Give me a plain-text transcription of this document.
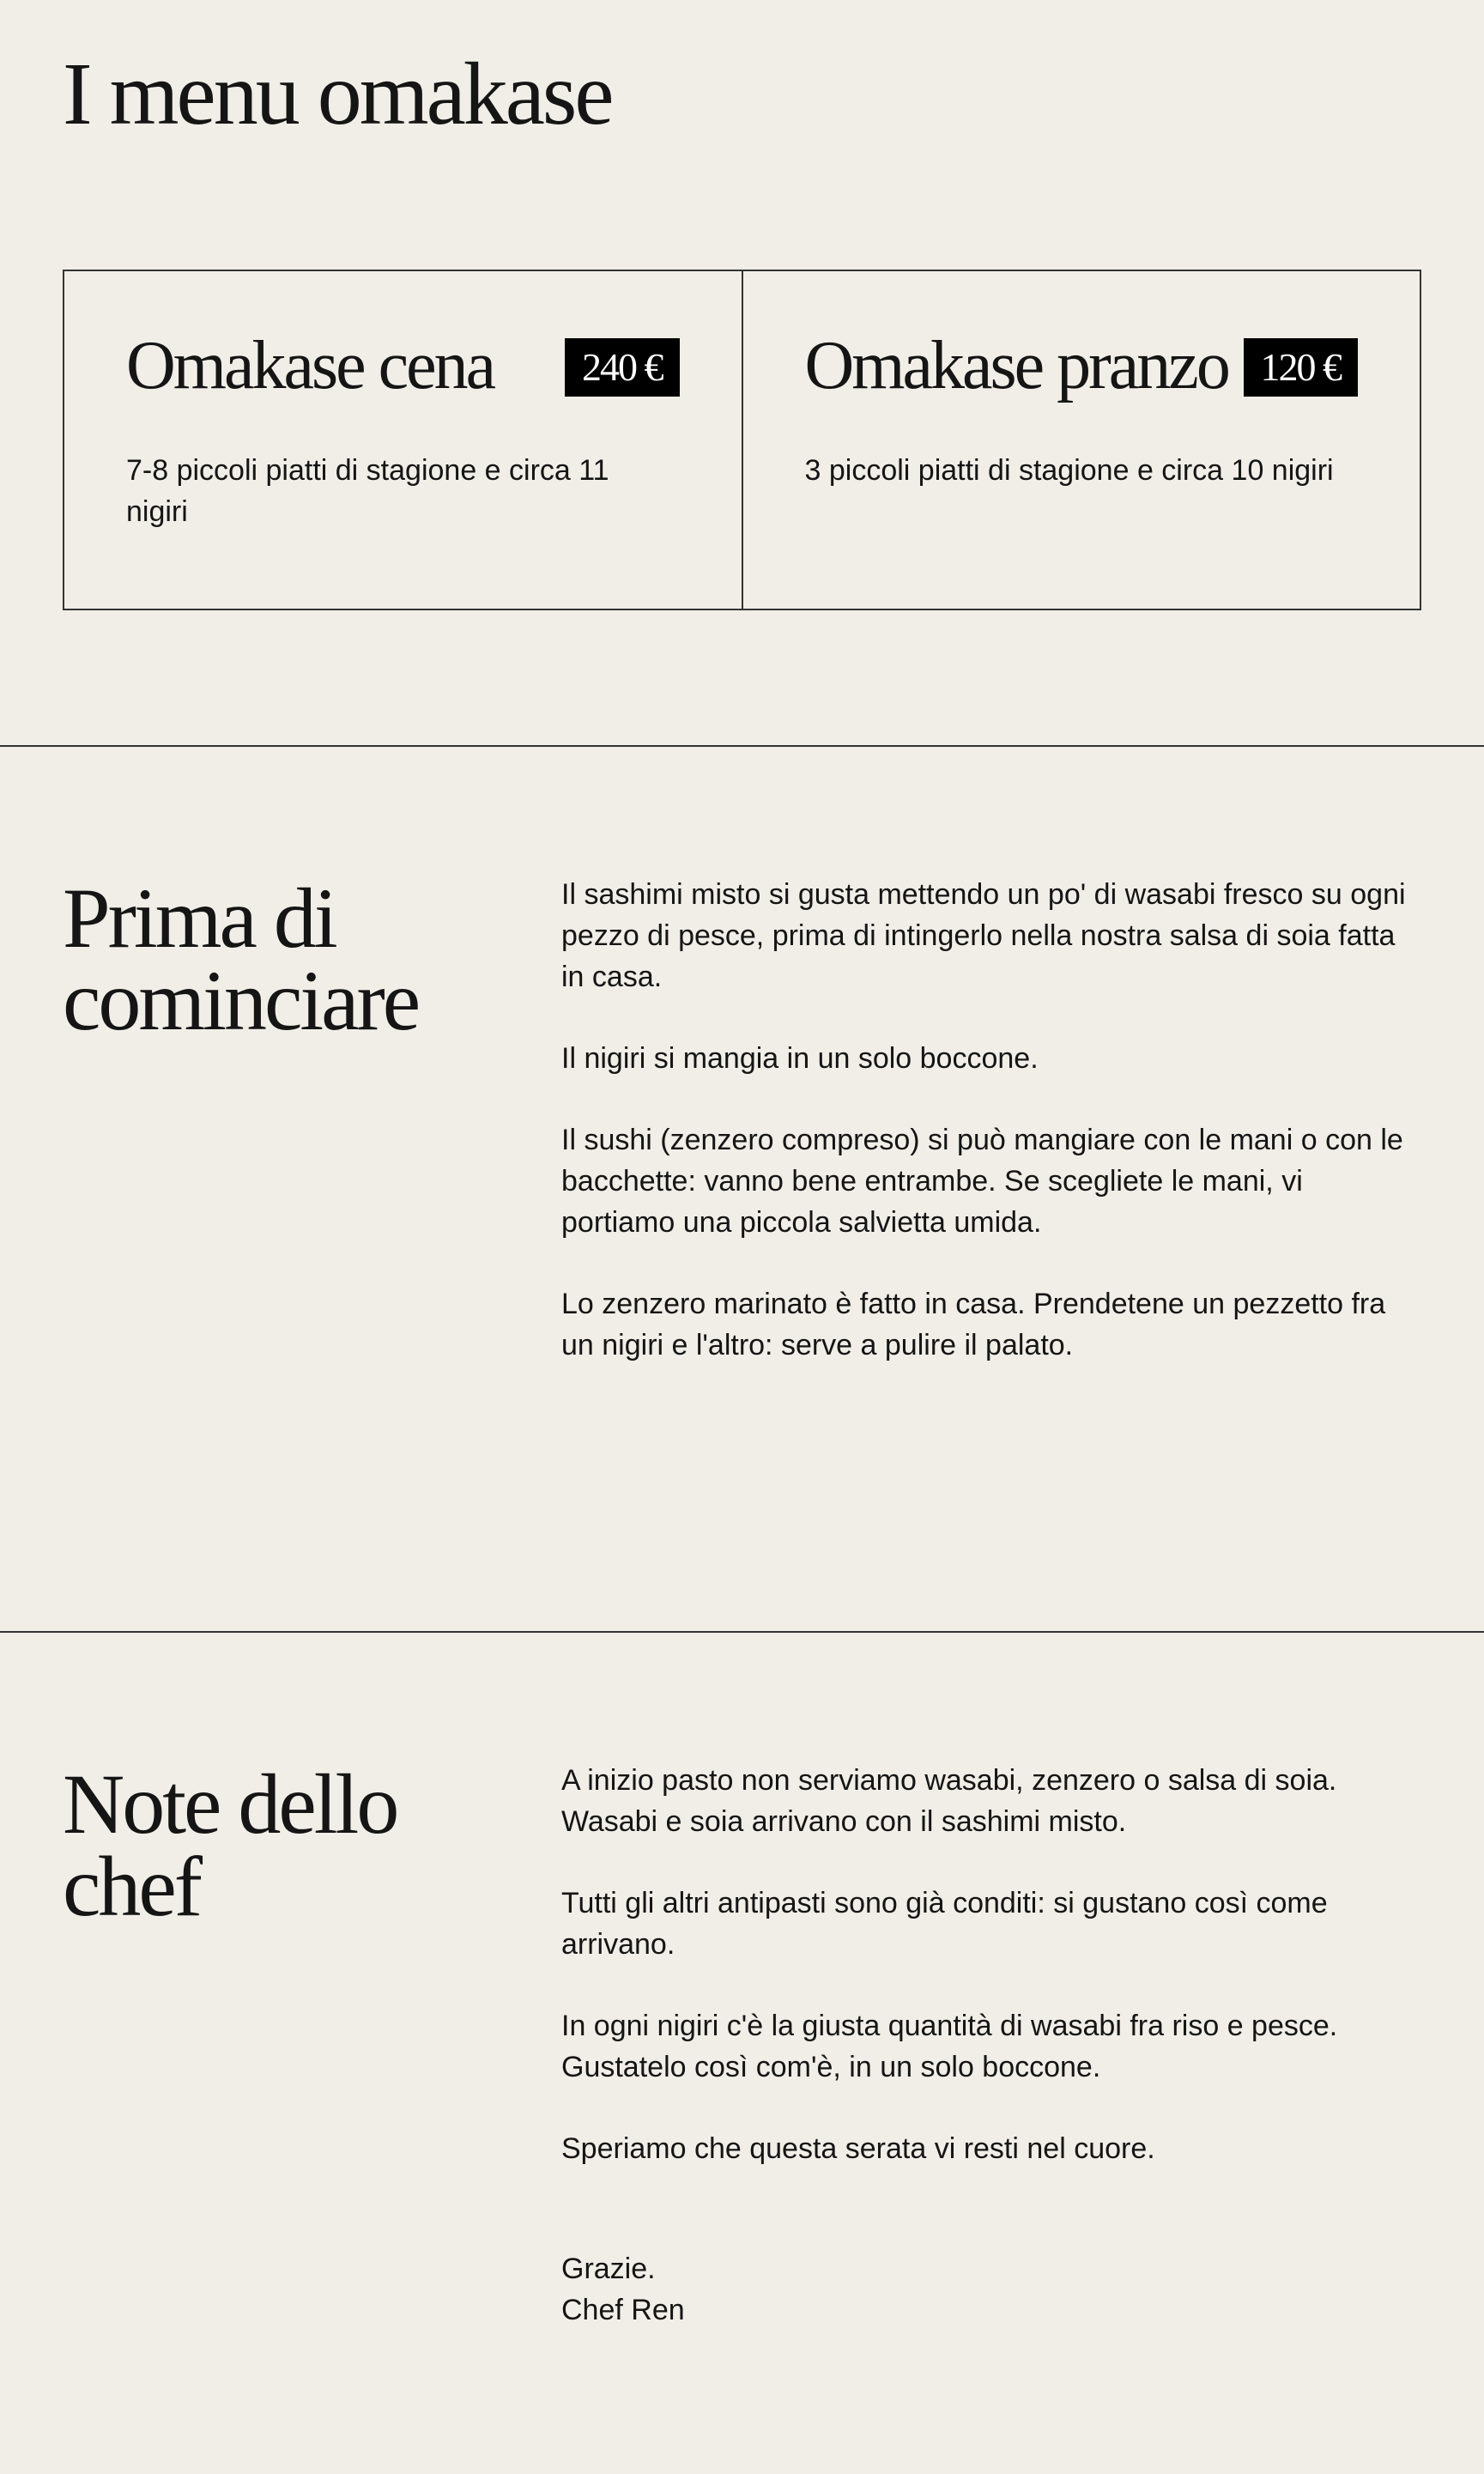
I menu omakase
Omakase cena	240 €

7-8 piccoli piatti di stagione e circa 11 nigiri

Omakase pranzo 120 €

3 piccoli piatti di stagione e circa 10 nigiri

Prima di cominciare

Il sashimi misto si gusta mettendo un po' di wasabi fresco su ogni pezzo di pesce, prima di intingerlo nella nostra salsa di soia fatta in casa.

Il nigiri si mangia in un solo boccone.

Il sushi (zenzero compreso) si può mangiare con le mani o con le bacchette: vanno bene entrambe. Se scegliete le mani, vi portiamo una piccola salvietta umida.

Lo zenzero marinato è fatto in casa. Prendetene un pezzetto fra un nigiri e l'altro: serve a pulire il palato.

Note dello chef

A inizio pasto non serviamo wasabi, zenzero o salsa di soia. Wasabi e soia arrivano con il sashimi misto.

Tutti gli altri antipasti sono già conditi: si gustano così come arrivano.

In ogni nigiri c'è la giusta quantità di wasabi fra riso e pesce. Gustatelo così com'è, in un solo boccone.

Speriamo che questa serata vi resti nel cuore.

Grazie.
Chef Ren
